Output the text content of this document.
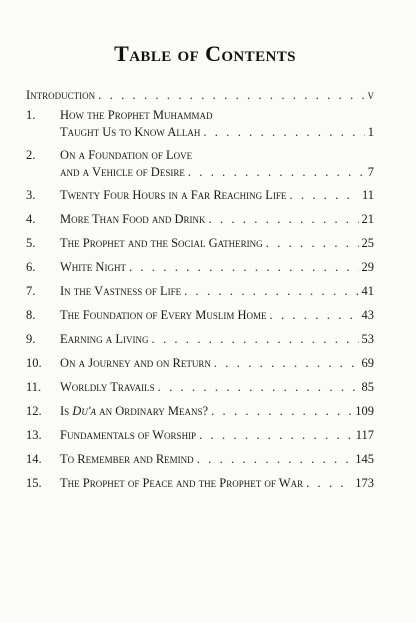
Table of Contents
Introduction . . .	v
1.	How the Prophet Muhammad
Taught Us to Know Allah . . .	1
2.	On a Foundation of Love
and a Vehicle of Desire . . .	7
3.	Twenty Four Hours in a Far Reaching Life . . .	11
4.	More Than Food and Drink . . .	21
5.	The Prophet and the Social Gathering . . .	25
6.	White Night . . .	29
7.	In the Vastness of Life . . .	41
8.	The Foundation of Every Muslim Home . . .	43
9.	Earning a Living . . .	53
10.	On a Journey and on Return . . .	69
11.	Worldly Travails . . .	85
12.	Is Du'a an Ordinary Means? . . .	109
13.	Fundamentals of Worship . . .	117
14.	To Remember and Remind . . .	145
15.	The Prophet of Peace and the Prophet of War . . .	173
